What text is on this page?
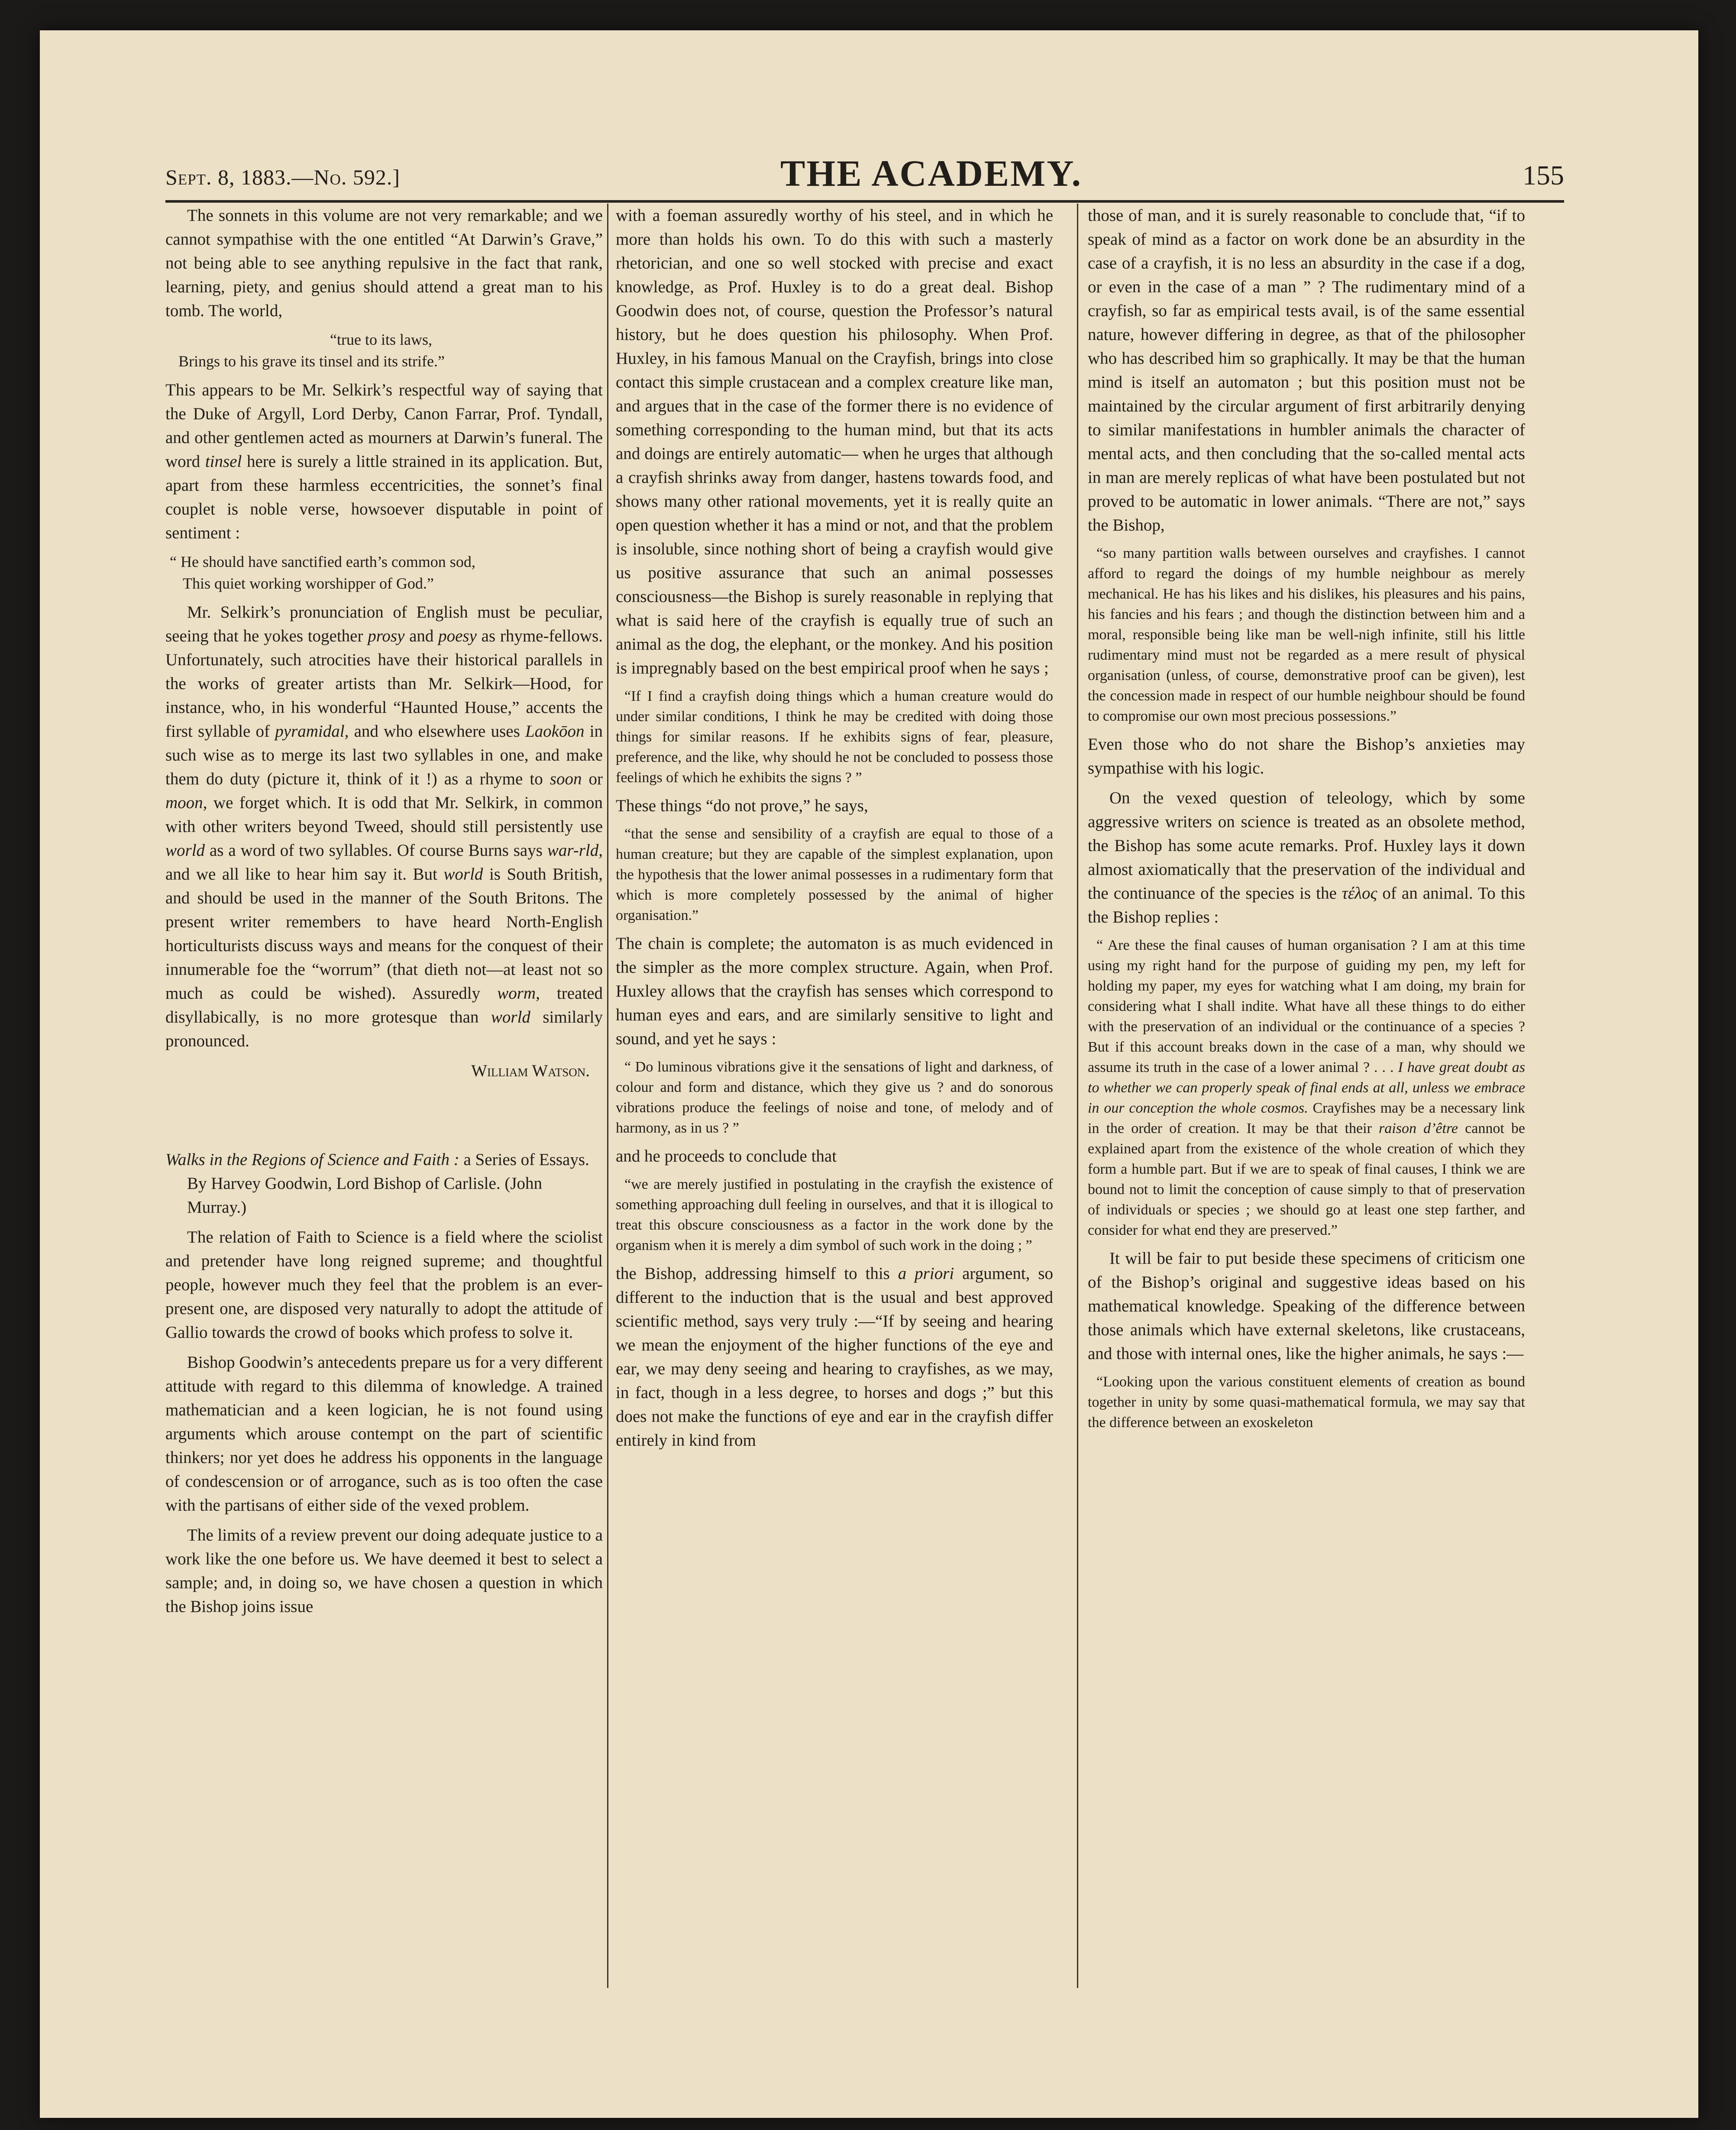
Sept. 8, 1883.—No. 592.]	THE ACADEMY.	155

The sonnets in this volume are not very remarkable; and we cannot sympathise with the one entitled “At Darwin’s Grave,” not being able to see anything repulsive in the fact that rank, learning, piety, and genius should attend a great man to his tomb. The world,

“true to its laws,
Brings to his grave its tinsel and its strife.”

This appears to be Mr. Selkirk’s respectful way of saying that the Duke of Argyll, Lord Derby, Canon Farrar, Prof. Tyndall, and other gentlemen acted as mourners at Darwin’s funeral. The word tinsel here is surely a little strained in its application. But, apart from these harmless eccentricities, the sonnet’s final couplet is noble verse, howsoever disputable in point of sentiment :

“ He should have sanctified earth’s common sod,
This quiet working worshipper of God.”

Mr. Selkirk’s pronunciation of English must be peculiar, seeing that he yokes together prosy and poesy as rhyme-fellows. Unfortunately, such atrocities have their historical parallels in the works of greater artists than Mr. Selkirk—Hood, for instance, who, in his wonderful “Haunted House,” accents the first syllable of pyramidal, and who elsewhere uses Laokōon in such wise as to merge its last two syllables in one, and make them do duty (picture it, think of it !) as a rhyme to soon or moon, we forget which. It is odd that Mr. Selkirk, in common with other writers beyond Tweed, should still persistently use world as a word of two syllables. Of course Burns says war-rld, and we all like to hear him say it. But world is South British, and should be used in the manner of the South Britons. The present writer remembers to have heard North-English horticulturists discuss ways and means for the conquest of their innumerable foe the “worrum” (that dieth not—at least not so much as could be wished). Assuredly worm, treated disyllabically, is no more grotesque than world similarly pronounced.

William Watson.

Walks in the Regions of Science and Faith : a Series of Essays. By Harvey Goodwin, Lord Bishop of Carlisle. (John Murray.)

The relation of Faith to Science is a field where the sciolist and pretender have long reigned supreme; and thoughtful people, however much they feel that the problem is an ever-present one, are disposed very naturally to adopt the attitude of Gallio towards the crowd of books which profess to solve it.

Bishop Goodwin’s antecedents prepare us for a very different attitude with regard to this dilemma of knowledge. A trained mathematician and a keen logician, he is not found using arguments which arouse contempt on the part of scientific thinkers; nor yet does he address his opponents in the language of condescension or of arrogance, such as is too often the case with the partisans of either side of the vexed problem.

The limits of a review prevent our doing adequate justice to a work like the one before us. We have deemed it best to select a sample; and, in doing so, we have chosen a question in which the Bishop joins issue

with a foeman assuredly worthy of his steel, and in which he more than holds his own. To do this with such a masterly rhetorician, and one so well stocked with precise and exact knowledge, as Prof. Huxley is to do a great deal. Bishop Goodwin does not, of course, question the Professor’s natural history, but he does question his philosophy. When Prof. Huxley, in his famous Manual on the Crayfish, brings into close contact this simple crustacean and a complex creature like man, and argues that in the case of the former there is no evidence of something corresponding to the human mind, but that its acts and doings are entirely automatic— when he urges that although a crayfish shrinks away from danger, hastens towards food, and shows many other rational movements, yet it is really quite an open question whether it has a mind or not, and that the problem is insoluble, since nothing short of being a crayfish would give us positive assurance that such an animal possesses consciousness—the Bishop is surely reasonable in replying that what is said here of the crayfish is equally true of such an animal as the dog, the elephant, or the monkey. And his position is impregnably based on the best empirical proof when he says ;

“If I find a crayfish doing things which a human creature would do under similar conditions, I think he may be credited with doing those things for similar reasons. If he exhibits signs of fear, pleasure, preference, and the like, why should he not be concluded to possess those feelings of which he exhibits the signs ? ”

These things “do not prove,” he says,

“that the sense and sensibility of a crayfish are equal to those of a human creature; but they are capable of the simplest explanation, upon the hypothesis that the lower animal possesses in a rudimentary form that which is more completely possessed by the animal of higher organisation.”

The chain is complete; the automaton is as much evidenced in the simpler as the more complex structure. Again, when Prof. Huxley allows that the crayfish has senses which correspond to human eyes and ears, and are similarly sensitive to light and sound, and yet he says :

“ Do luminous vibrations give it the sensations of light and darkness, of colour and form and distance, which they give us ? and do sonorous vibrations produce the feelings of noise and tone, of melody and of harmony, as in us ? ”

and he proceeds to conclude that

“we are merely justified in postulating in the crayfish the existence of something approaching dull feeling in ourselves, and that it is illogical to treat this obscure consciousness as a factor in the work done by the organism when it is merely a dim symbol of such work in the doing ; ”

the Bishop, addressing himself to this a priori argument, so different to the induction that is the usual and best approved scientific method, says very truly :—“If by seeing and hearing we mean the enjoyment of the higher functions of the eye and ear, we may deny seeing and hearing to crayfishes, as we may, in fact, though in a less degree, to horses and dogs ;” but this does not make the functions of eye and ear in the crayfish differ entirely in kind from

those of man, and it is surely reasonable to conclude that, “if to speak of mind as a factor on work done be an absurdity in the case of a crayfish, it is no less an absurdity in the case if a dog, or even in the case of a man ” ? The rudimentary mind of a crayfish, so far as empirical tests avail, is of the same essential nature, however differing in degree, as that of the philosopher who has described him so graphically. It may be that the human mind is itself an automaton ; but this position must not be maintained by the circular argument of first arbitrarily denying to similar manifestations in humbler animals the character of mental acts, and then concluding that the so-called mental acts in man are merely replicas of what have been postulated but not proved to be automatic in lower animals. “There are not,” says the Bishop,

“so many partition walls between ourselves and crayfishes. I cannot afford to regard the doings of my humble neighbour as merely mechanical. He has his likes and his dislikes, his pleasures and his pains, his fancies and his fears ; and though the distinction between him and a moral, responsible being like man be well-nigh infinite, still his little rudimentary mind must not be regarded as a mere result of physical organisation (unless, of course, demonstrative proof can be given), lest the concession made in respect of our humble neighbour should be found to compromise our own most precious possessions.”

Even those who do not share the Bishop’s anxieties may sympathise with his logic.

On the vexed question of teleology, which by some aggressive writers on science is treated as an obsolete method, the Bishop has some acute remarks. Prof. Huxley lays it down almost axiomatically that the preservation of the individual and the continuance of the species is the τέλος of an animal. To this the Bishop replies :

“ Are these the final causes of human organisation ? I am at this time using my right hand for the purpose of guiding my pen, my left for holding my paper, my eyes for watching what I am doing, my brain for considering what I shall indite. What have all these things to do either with the preservation of an individual or the continuance of a species ? But if this account breaks down in the case of a man, why should we assume its truth in the case of a lower animal ? . . . I have great doubt as to whether we can properly speak of final ends at all, unless we embrace in our conception the whole cosmos. Crayfishes may be a necessary link in the order of creation. It may be that their raison d’être cannot be explained apart from the existence of the whole creation of which they form a humble part. But if we are to speak of final causes, I think we are bound not to limit the conception of cause simply to that of preservation of individuals or species ; we should go at least one step farther, and consider for what end they are preserved.”

It will be fair to put beside these specimens of criticism one of the Bishop’s original and suggestive ideas based on his mathematical knowledge. Speaking of the difference between those animals which have external skeletons, like crustaceans, and those with internal ones, like the higher animals, he says :—

“Looking upon the various constituent elements of creation as bound together in unity by some quasi-mathematical formula, we may say that the difference between an exoskeleton
